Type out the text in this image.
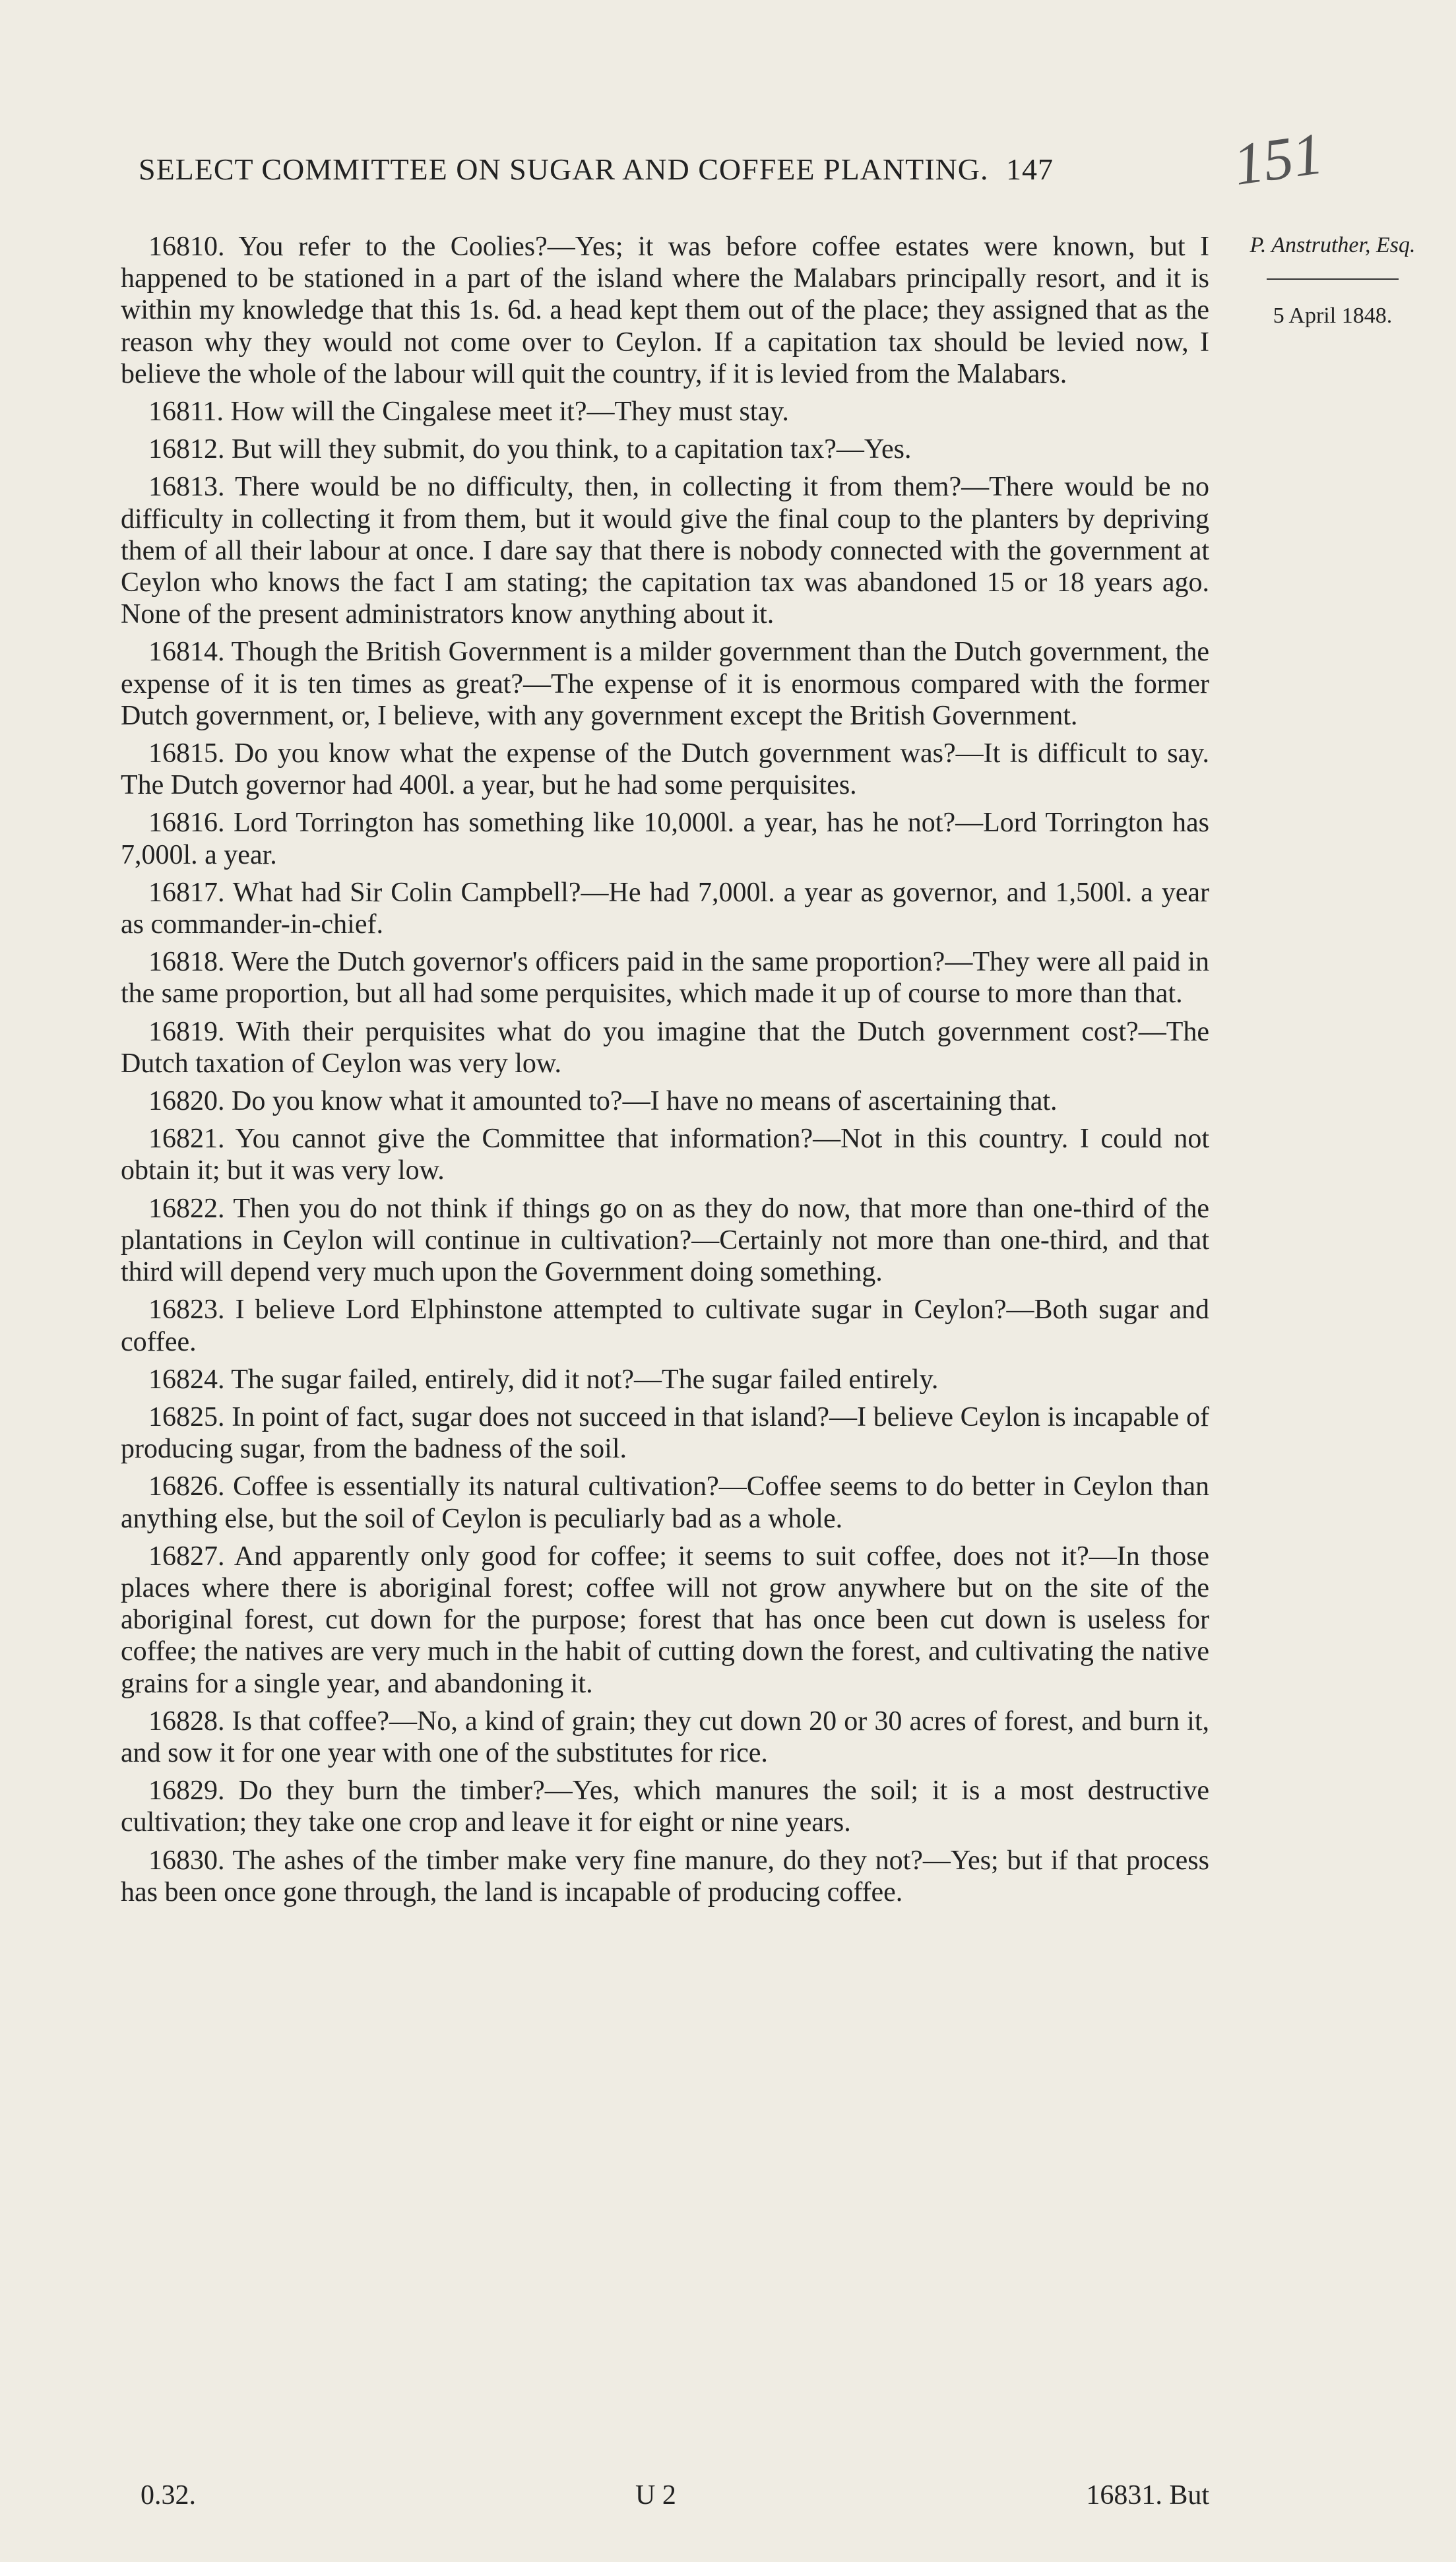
SELECT COMMITTEE ON SUGAR AND COFFEE PLANTING. 147	151
P. Anstruther, Esq.
5 April 1848.

16810. You refer to the Coolies?—Yes; it was before coffee estates were known, but I happened to be stationed in a part of the island where the Malabars principally resort, and it is within my knowledge that this 1s. 6d. a head kept them out of the place; they assigned that as the reason why they would not come over to Ceylon. If a capitation tax should be levied now, I believe the whole of the labour will quit the country, if it is levied from the Malabars.

16811. How will the Cingalese meet it?—They must stay.

16812. But will they submit, do you think, to a capitation tax?—Yes.

16813. There would be no difficulty, then, in collecting it from them?—There would be no difficulty in collecting it from them, but it would give the final coup to the planters by depriving them of all their labour at once. I dare say that there is nobody connected with the government at Ceylon who knows the fact I am stating; the capitation tax was abandoned 15 or 18 years ago. None of the present administrators know anything about it.

16814. Though the British Government is a milder government than the Dutch government, the expense of it is ten times as great?—The expense of it is enormous compared with the former Dutch government, or, I believe, with any government except the British Government.

16815. Do you know what the expense of the Dutch government was?—It is difficult to say. The Dutch governor had 400l. a year, but he had some perquisites.

16816. Lord Torrington has something like 10,000l. a year, has he not?—Lord Torrington has 7,000l. a year.

16817. What had Sir Colin Campbell?—He had 7,000l. a year as governor, and 1,500l. a year as commander-in-chief.

16818. Were the Dutch governor's officers paid in the same proportion?—They were all paid in the same proportion, but all had some perquisites, which made it up of course to more than that.

16819. With their perquisites what do you imagine that the Dutch government cost?—The Dutch taxation of Ceylon was very low.

16820. Do you know what it amounted to?—I have no means of ascertaining that.

16821. You cannot give the Committee that information?—Not in this country. I could not obtain it; but it was very low.

16822. Then you do not think if things go on as they do now, that more than one-third of the plantations in Ceylon will continue in cultivation?—Certainly not more than one-third, and that third will depend very much upon the Government doing something.

16823. I believe Lord Elphinstone attempted to cultivate sugar in Ceylon?—Both sugar and coffee.

16824. The sugar failed, entirely, did it not?—The sugar failed entirely.

16825. In point of fact, sugar does not succeed in that island?—I believe Ceylon is incapable of producing sugar, from the badness of the soil.

16826. Coffee is essentially its natural cultivation?—Coffee seems to do better in Ceylon than anything else, but the soil of Ceylon is peculiarly bad as a whole.

16827. And apparently only good for coffee; it seems to suit coffee, does not it?—In those places where there is aboriginal forest; coffee will not grow anywhere but on the site of the aboriginal forest, cut down for the purpose; forest that has once been cut down is useless for coffee; the natives are very much in the habit of cutting down the forest, and cultivating the native grains for a single year, and abandoning it.

16828. Is that coffee?—No, a kind of grain; they cut down 20 or 30 acres of forest, and burn it, and sow it for one year with one of the substitutes for rice.

16829. Do they burn the timber?—Yes, which manures the soil; it is a most destructive cultivation; they take one crop and leave it for eight or nine years.

16830. The ashes of the timber make very fine manure, do they not?—Yes; but if that process has been once gone through, the land is incapable of producing coffee.

0.32.	U 2	16831. But
